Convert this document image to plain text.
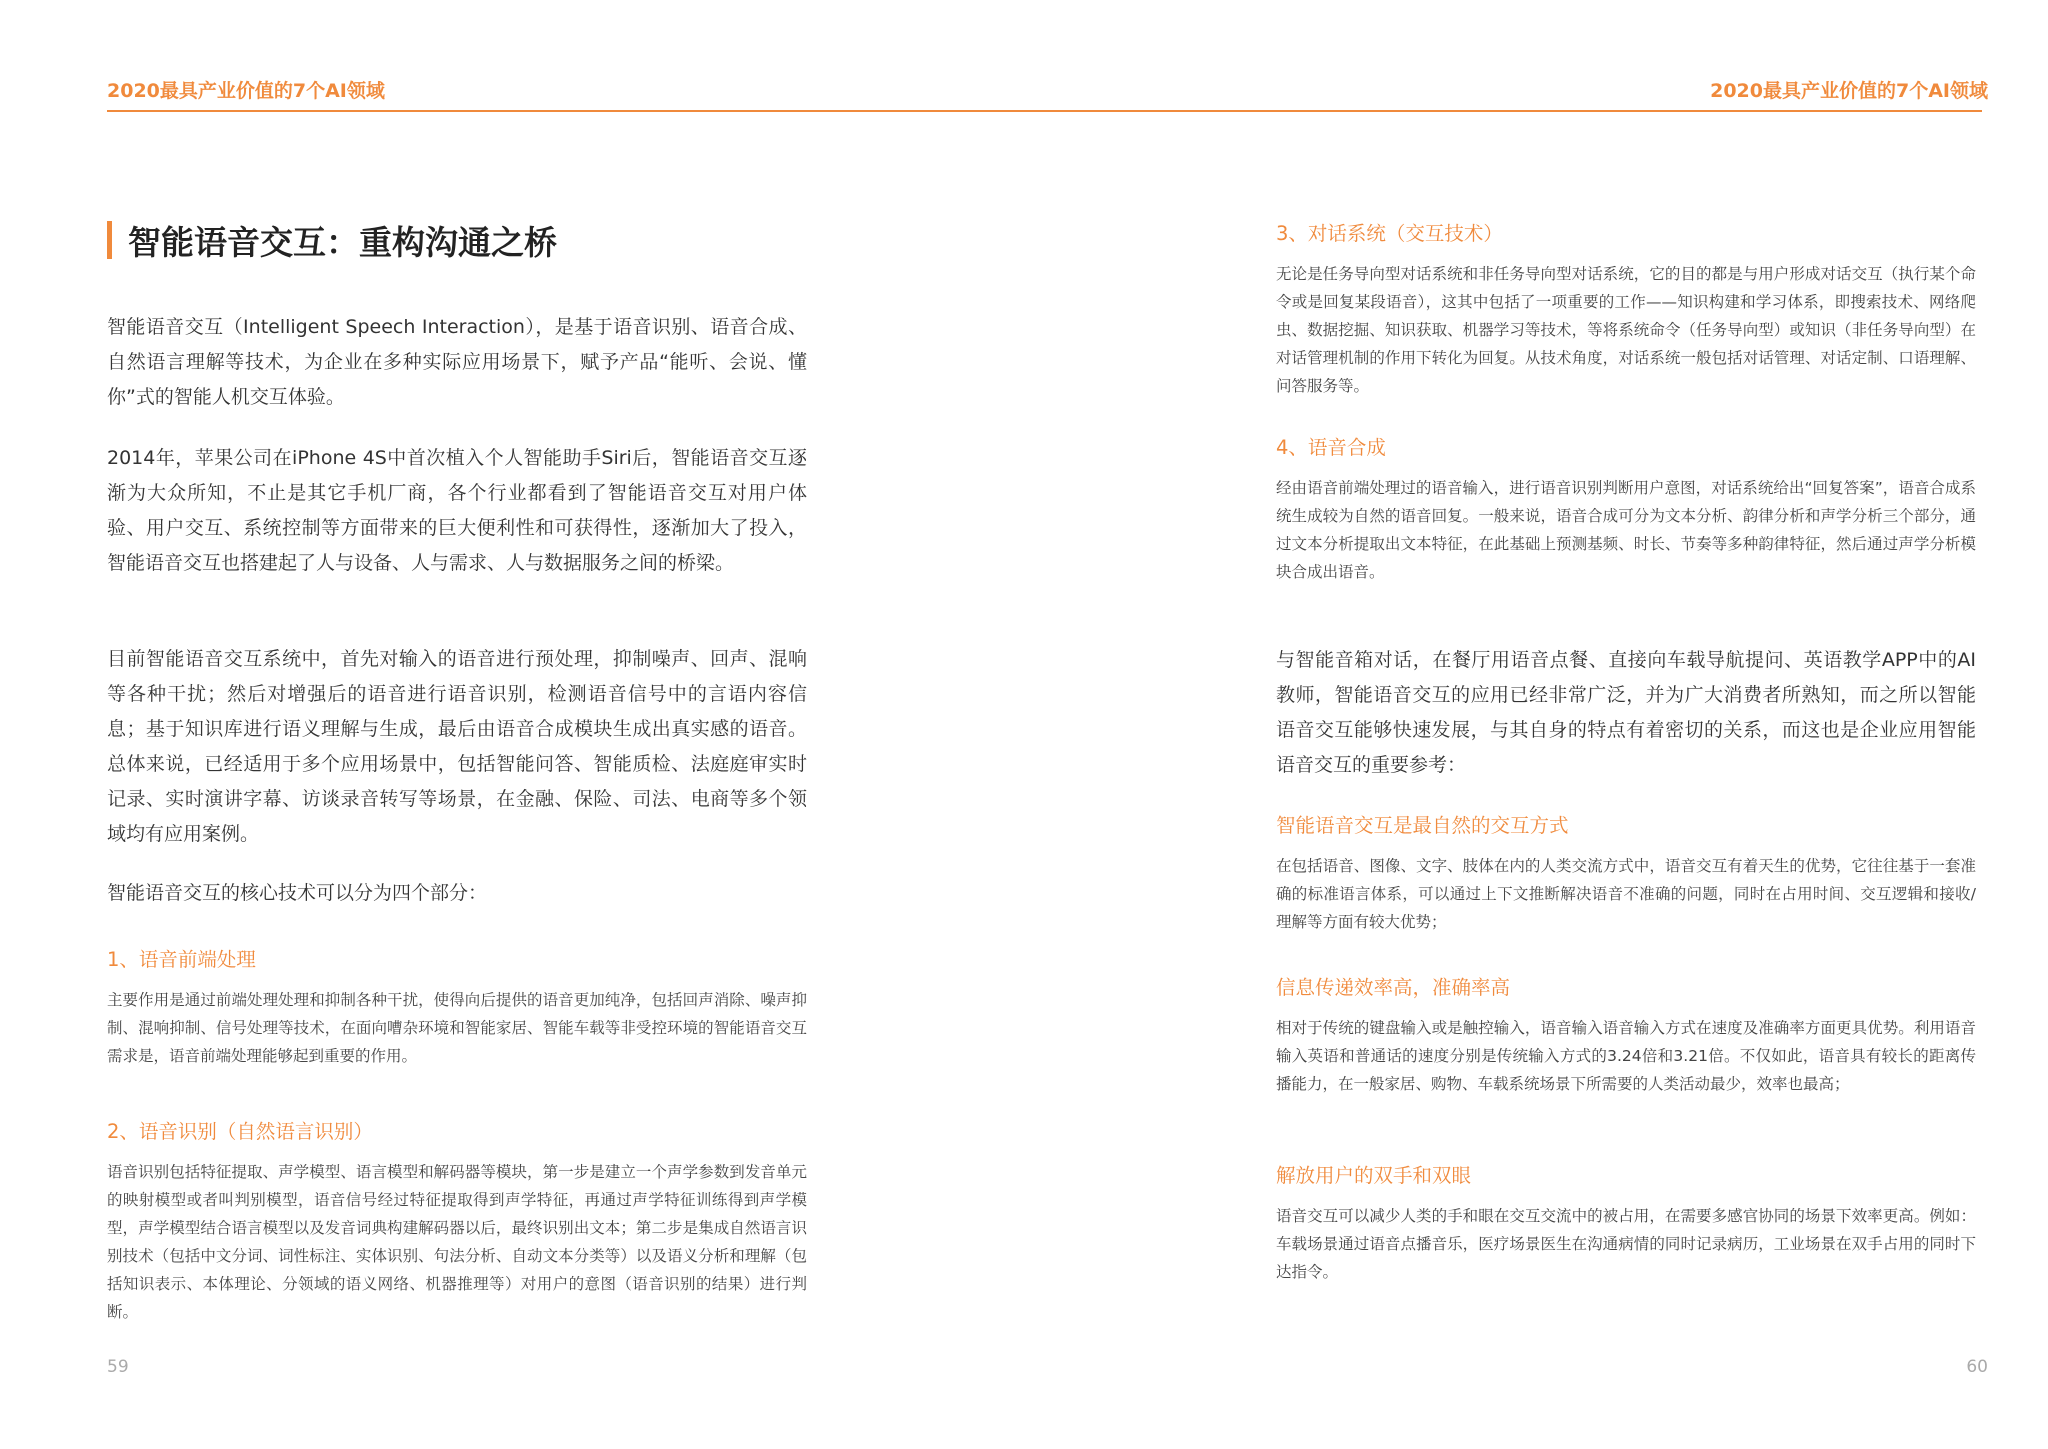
2020最具产业价值的7个AI领域
智能语音交互：重构沟通之桥

智能语音交互（Intelligent Speech Interaction），是基于语音识别、语音合成、自然语言理解等技术，为企业在多种实际应用场景下，赋予产品“能听、会说、懂你”式的智能人机交互体验。

2014年，苹果公司在iPhone 4S中首次植入个人智能助手Siri后，智能语音交互逐渐为大众所知，不止是其它手机厂商，各个行业都看到了智能语音交互对用户体验、用户交互、系统控制等方面带来的巨大便利性和可获得性，逐渐加大了投入，智能语音交互也搭建起了人与设备、人与需求、人与数据服务之间的桥梁。

目前智能语音交互系统中，首先对输入的语音进行预处理，抑制噪声、回声、混响等各种干扰；然后对增强后的语音进行语音识别，检测语音信号中的言语内容信息；基于知识库进行语义理解与生成，最后由语音合成模块生成出真实感的语音。总体来说，已经适用于多个应用场景中，包括智能问答、智能质检、法庭庭审实时记录、实时演讲字幕、访谈录音转写等场景，在金融、保险、司法、电商等多个领域均有应用案例。

智能语音交互的核心技术可以分为四个部分：

1、语音前端处理

主要作用是通过前端处理处理和抑制各种干扰，使得向后提供的语音更加纯净，包括回声消除、噪声抑制、混响抑制、信号处理等技术，在面向嘈杂环境和智能家居、智能车载等非受控环境的智能语音交互需求是，语音前端处理能够起到重要的作用。

2、语音识别（自然语言识别）

语音识别包括特征提取、声学模型、语言模型和解码器等模块，第一步是建立一个声学参数到发音单元的映射模型或者叫判别模型，语音信号经过特征提取得到声学特征，再通过声学特征训练得到声学模型，声学模型结合语言模型以及发音词典构建解码器以后，最终识别出文本；第二步是集成自然语言识别技术（包括中文分词、词性标注、实体识别、句法分析、自动文本分类等）以及语义分析和理解（包括知识表示、本体理论、分领域的语义网络、机器推理等）对用户的意图（语音识别的结果）进行判断。

59
2020最具产业价值的7个AI领域
3、对话系统（交互技术）

无论是任务导向型对话系统和非任务导向型对话系统，它的目的都是与用户形成对话交互（执行某个命令或是回复某段语音），这其中包括了一项重要的工作——知识构建和学习体系，即搜索技术、网络爬虫、数据挖掘、知识获取、机器学习等技术，等将系统命令（任务导向型）或知识（非任务导向型）在对话管理机制的作用下转化为回复。从技术角度，对话系统一般包括对话管理、对话定制、口语理解、问答服务等。

4、语音合成

经由语音前端处理过的语音输入，进行语音识别判断用户意图，对话系统给出“回复答案”，语音合成系统生成较为自然的语音回复。一般来说，语音合成可分为文本分析、韵律分析和声学分析三个部分，通过文本分析提取出文本特征，在此基础上预测基频、时长、节奏等多种韵律特征，然后通过声学分析模块合成出语音。

与智能音箱对话，在餐厅用语音点餐、直接向车载导航提问、英语教学APP中的AI教师，智能语音交互的应用已经非常广泛，并为广大消费者所熟知，而之所以智能语音交互能够快速发展，与其自身的特点有着密切的关系，而这也是企业应用智能语音交互的重要参考：

智能语音交互是最自然的交互方式

在包括语音、图像、文字、肢体在内的人类交流方式中，语音交互有着天生的优势，它往往基于一套准确的标准语言体系，可以通过上下文推断解决语音不准确的问题，同时在占用时间、交互逻辑和接收/理解等方面有较大优势；

信息传递效率高，准确率高

相对于传统的键盘输入或是触控输入，语音输入语音输入方式在速度及准确率方面更具优势。利用语音输入英语和普通话的速度分别是传统输入方式的3.24倍和3.21倍。不仅如此，语音具有较长的距离传播能力，在一般家居、购物、车载系统场景下所需要的人类活动最少，效率也最高；

解放用户的双手和双眼

语音交互可以减少人类的手和眼在交互交流中的被占用，在需要多感官协同的场景下效率更高。例如：车载场景通过语音点播音乐，医疗场景医生在沟通病情的同时记录病历，工业场景在双手占用的同时下达指令。

60
